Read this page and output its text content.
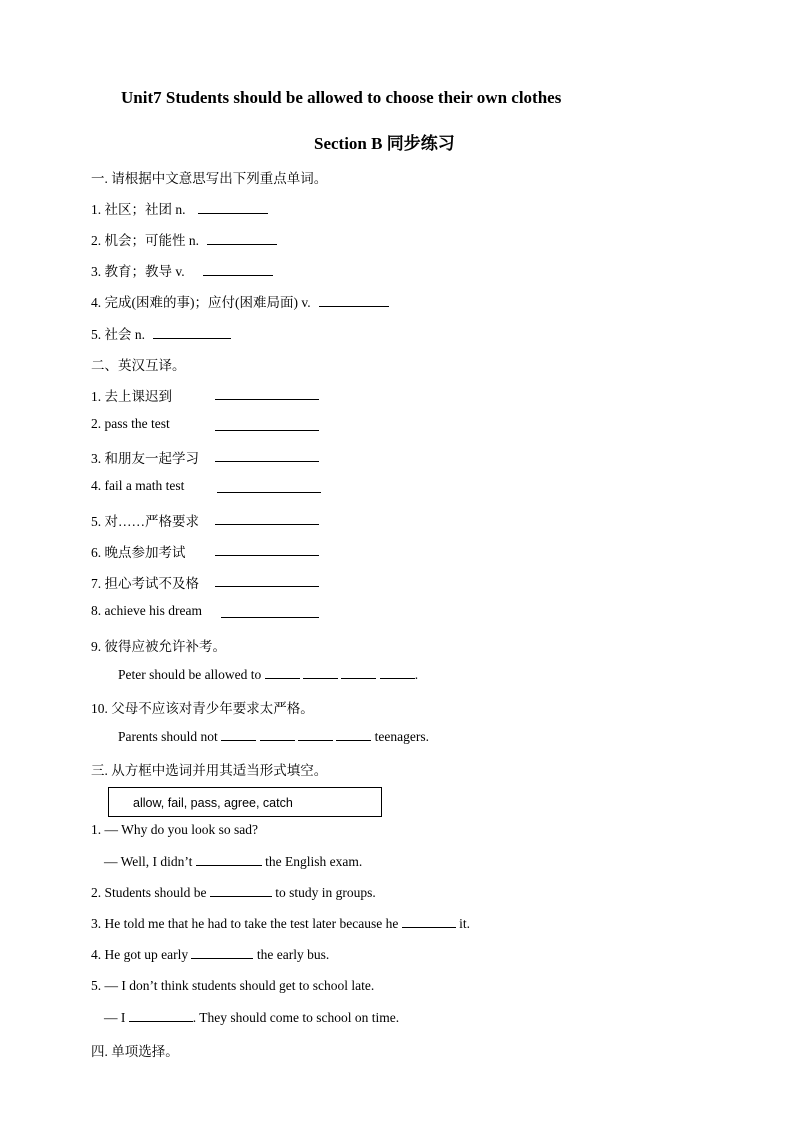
Unit7 Students should be allowed to choose their own clothes
Section B 同步练习
一. 请根据中文意思写出下列重点单词。
1. 社区；社团 n.
2. 机会；可能性 n.
3. 教育；教导 v.
4. 完成(困难的事)；应付(困难局面) v.
5. 社会 n.
二、英汉互译。
1. 去上课迟到
2. pass the test
3. 和朋友一起学习
4. fail a math test
5. 对……严格要求
6. 晚点参加考试
7. 担心考试不及格
8. achieve his dream
9. 彼得应被允许补考。
Peter should be allowed to	.
10. 父母不应该对青少年要求太严格。
Parents should not	teenagers.
三. 从方框中选词并用其适当形式填空。
allow, fail, pass, agree, catch
1. — Why do you look so sad?
— Well, I didn’t	the English exam.
2. Students should be	to study in groups.
3. He told me that he had to take the test later because he	it.
4. He got up early	the early bus.
5. — I don’t think students should get to school late.
— I	. They should come to school on time.
四. 单项选择。
